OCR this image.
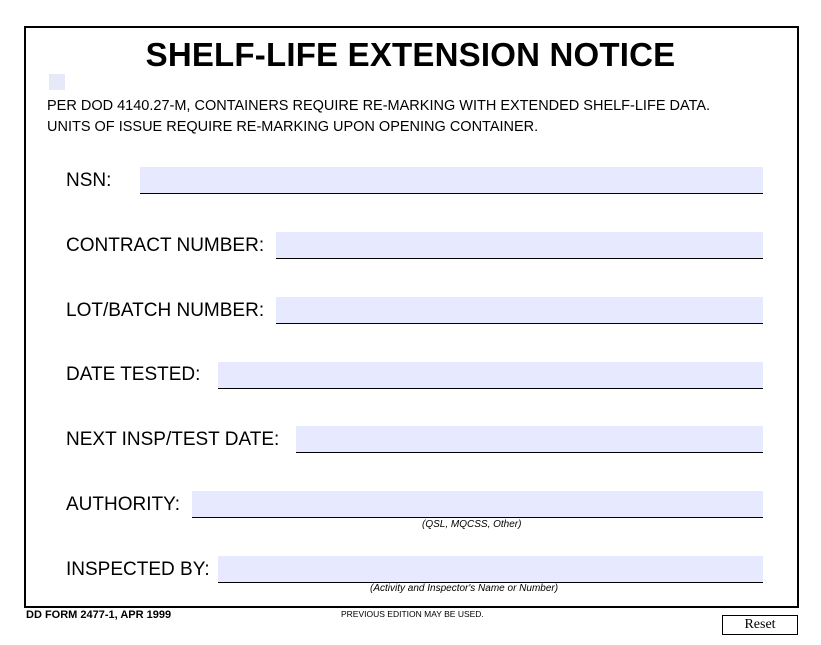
SHELF-LIFE EXTENSION NOTICE
PER DOD 4140.27-M, CONTAINERS REQUIRE RE-MARKING WITH EXTENDED SHELF-LIFE DATA.
UNITS OF ISSUE REQUIRE RE-MARKING UPON OPENING CONTAINER.
NSN:
CONTRACT NUMBER:
LOT/BATCH NUMBER:
DATE TESTED:
NEXT INSP/TEST DATE:
AUTHORITY:
(QSL, MQCSS, Other)
INSPECTED BY:
(Activity and Inspector's Name or Number)
DD FORM 2477-1, APR 1999	PREVIOUS EDITION MAY BE USED.
Reset
